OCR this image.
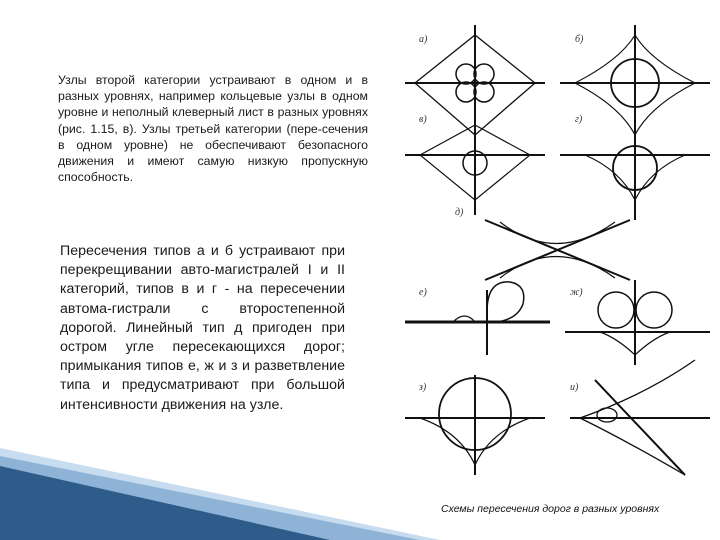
Узлы второй категории устраивают в одном и в разных уровнях, например кольцевые узлы в одном уровне и неполный клеверный лист в разных уровнях (рис. 1.15, в). Узлы третьей категории (пере-сечения в одном уровне) не обеспечивают безопасного движения и имеют самую низкую пропускную способность.
Пересечения типов а и б устраивают при перекрещивании авто-магистралей I и II категорий, типов в и г - на пересечении автома-гистрали с второстепенной дорогой. Линейный тип д пригоден при остром угле пересекающихся дорог; примыкания типов е, ж и з и разветвление типа и предусматривают при большой интенсивности движения на узле.
Схемы пересечения дорог в разных уровнях
а)	б)
в)	г)
д)
е)	ж)
з)	и)
